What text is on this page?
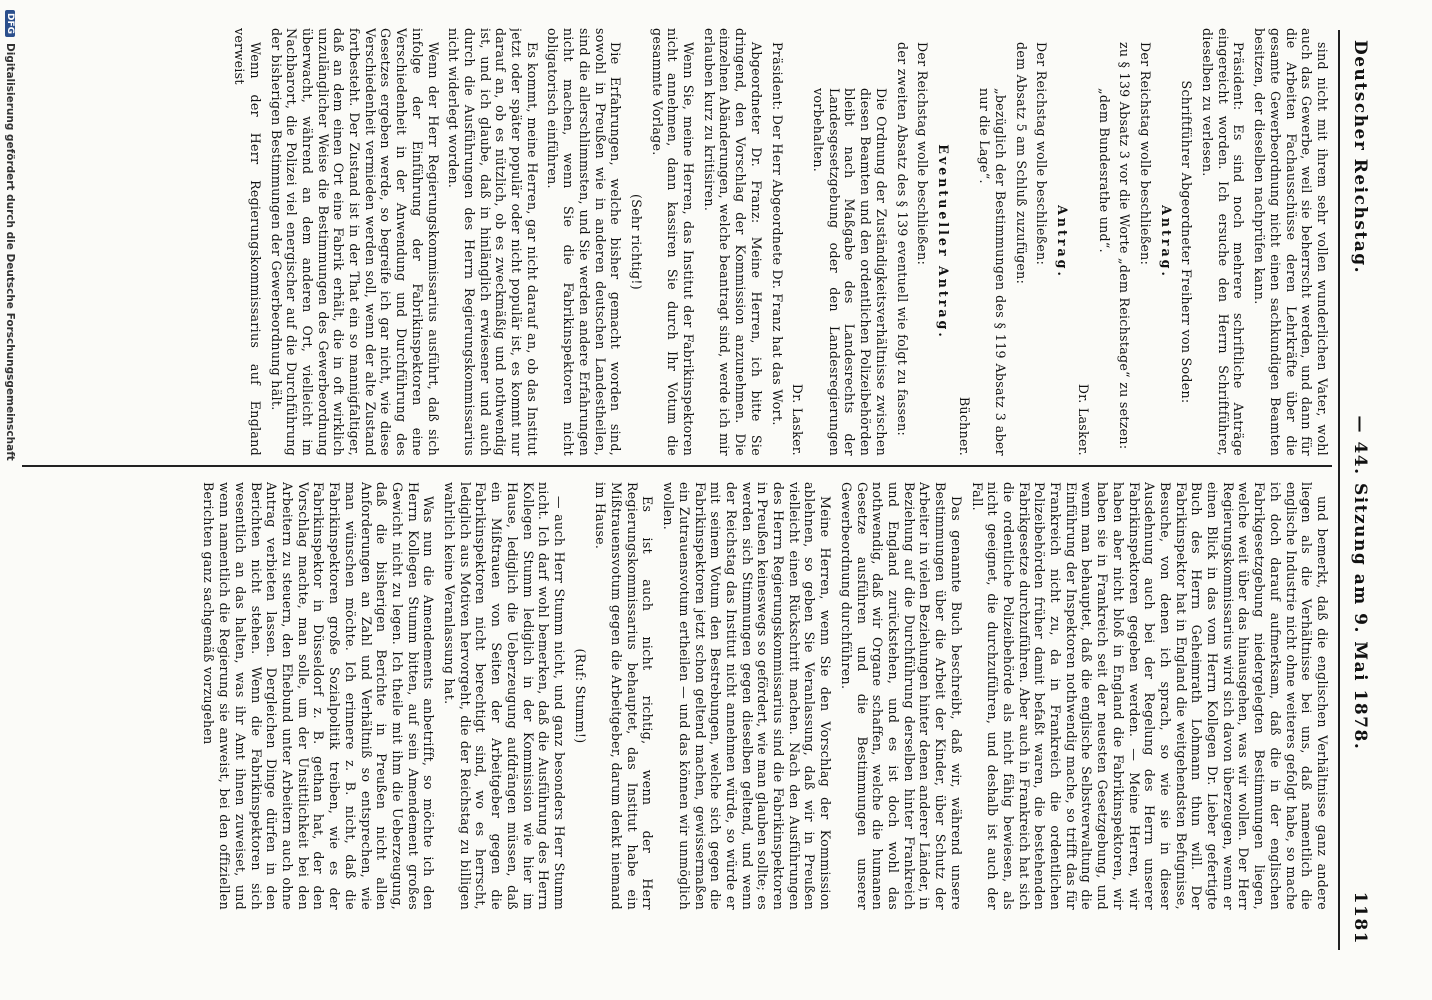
Deutscher Reichstag.
— 44. Sitzung am 9. Mai 1878.
1181

sind nicht mit ihrem sehr vollen wunderlichen Vater, wohl auch das Gewerbe, weil sie beherrscht werden, und dann für die Arbeiten Fachausschüsse deren Lehrkräfte über die gesamte Gewerbeordnung nicht einen sachkundigen Beamten besitzen, der dieselben nachprüfen kann.

Präsident: Es sind noch mehrere schriftliche Anträge eingereicht worden. Ich ersuche den Herrn Schriftführer, dieselben zu verlesen.

Schriftführer Abgeordneter Freiherr von Soden:

Antrag.

Der Reichstag wolle beschließen:

zu § 139 Absatz 3 vor die Worte „dem Reichstage“ zu setzen:

„dem Bundesrathe und“.

Dr. Lasker.

Antrag.

Der Reichstag wolle beschließen:

dem Absatz 5 am Schluß zuzufügen:

„bezüglich der Bestimmungen des § 119 Absatz 3 aber nur die Lage“.

Büchner.

Eventueller Antrag.

Der Reichstag wolle beschließen:

der zweiten Absatz des § 139 eventuell wie folgt zu fassen:

Die Ordnung der Zuständigkeitsverhältnisse zwischen diesen Beamten und den ordentlichen Polizeibehörden bleibt nach Maßgabe des Landesrechts der Landesgesetzgebung oder den Landesregierungen vorbehalten.

Dr. Lasker.

Präsident: Der Herr Abgeordnete Dr. Franz hat das Wort.

Abgeordneter Dr. Franz: Meine Herren, ich bitte Sie dringend, den Vorschlag der Kommission anzunehmen. Die einzelnen Abänderungen, welche beantragt sind, werde ich mir erlauben kurz zu kritisiren.

Wenn Sie, meine Herren, das Institut der Fabrikinspektoren nicht annehmen, dann kassiren Sie durch Ihr Votum die gesammte Vorlage.

(Sehr richtig!)

Die Erfahrungen, welche bisher gemacht worden sind, sowohl in Preußen wie in anderen deutschen Landestheilen, sind die allerschlimmsten, und Sie werden andere Erfahrungen nicht machen, wenn Sie die Fabrikinspektoren nicht obligatorisch einführen.

Es kommt, meine Herren, gar nicht darauf an, ob das Institut jetzt oder später populär oder nicht populär ist, es kommt nur darauf an, ob es nützlich, ob es zweckmäßig und nothwendig ist, und ich glaube, daß in hinlänglich erwiesener und auch durch die Ausführungen des Herrn Regierungskommissarius nicht widerlegt worden.

Wenn der Herr Regierungskommissarius ausführt, daß sich infolge der Einführung der Fabrikinspektoren eine Verschiedenheit in der Anwendung und Durchführung des Gesetzes ergeben werde, so begreife ich gar nicht, wie diese Verschiedenheit vermieden werden soll, wenn der alte Zustand fortbesteht. Der Zustand ist in der That ein so mannigfaltiger, daß an dem einen Ort eine Fabrik erhält, die in oft wirklich unzulänglicher Weise die Bestimmungen des Gewerbeordnung überwacht, während an dem anderen Ort, vielleicht im Nachbarort, die Polizei viel energischer auf die Durchführung der bisherigen Bestimmungen der Gewerbeordnung hält.

Wenn der Herr Regierungskommissarius auf England verweist

und bemerkt, daß die englischen Verhältnisse ganz andere liegen als die Verhältnisse bei uns, daß namentlich die englische Industrie nicht ohne weiteres gefolgt habe, so mache ich doch darauf aufmerksam, daß die in der englischen Fabrikgesetzgebung niedergelegten Bestimmungen liegen, welche weit über das hinausgehen, was wir wollen. Der Herr Regierungskommissarius wird sich davon überzeugen, wenn er einen Blick in das vom Herrn Kollegen Dr. Lieber gefertigte Buch des Herrn Geheimrath Lohmann thun will. Der Fabrikinspektor hat in England die weitgehendsten Befugnisse, Besuche, von denen ich sprach, so wie sie in dieser Ausdehnung auch bei der Regelung des Herrn unserer Fabrikinspektoren gegeben werden. — Meine Herren, wir haben aber nicht bloß in England die Fabrikinspektoren, wir haben sie in Frankreich seit der neuesten Gesetzgebung, und wenn man behauptet, daß die englische Selbstverwaltung die Einführung der Inspektoren nothwendig mache, so trifft das für Frankreich nicht zu, da in Frankreich die ordentlichen Polizeibehörden früher damit befaßt waren, die bestehenden Fabrikgesetze durchzuführen. Aber auch in Frankreich hat sich die ordentliche Polizeibehörde als nicht fähig bewiesen, als nicht geeignet, die durchzuführen, und deshalb ist auch der Fall.

Das genannte Buch beschreibt, daß wir, während unsere Bestimmungen über die Arbeit der Kinder, über Schutz der Arbeiter in vielen Beziehungen hinter denen anderer Länder, in Beziehung auf die Durchführung derselben hinter Frankreich und England zurückstehen, und es ist doch wohl das nothwendig, daß wir Organe schaffen, welche die humanen Gesetze ausführen und die Bestimmungen unserer Gewerbeordnung durchführen.

Meine Herren, wenn Sie den Vorschlag der Kommission ablehnen, so geben Sie Veranlassung, daß wir in Preußen vielleicht einen Rückschritt machen. Nach den Ausführungen des Herrn Regierungskommissarius sind die Fabrikinspektoren in Preußen keineswegs so gefördert, wie man glauben sollte; es werden sich Stimmungen gegen dieselben geltend, und wenn der Reichstag das Institut nicht annehmen würde, so würde er mit seinem Votum den Bestrebungen, welche sich gegen die Fabrikinspektoren jetzt schon geltend machen, gewissermaßen ein Zutrauensvotum ertheilen — und das können wir unmöglich wollen.

Es ist auch nicht richtig, wenn der Herr Regierungskommissarius behauptet, das Institut habe ein Mißtrauensvotum gegen die Arbeitgeber, darum denkt niemand im Hause.

(Ruf: Stumm!)

— auch Herr Stumm nicht, und ganz besonders Herr Stumm nicht. Ich darf wohl bemerken, daß die Ausführung des Herrn Kollegen Stumm lediglich in der Kommission wie hier im Hause, lediglich die Ueberzeugung aufdrängen müssen, daß ein Mißtrauen von Seiten der Arbeitgeber gegen die Fabrikinspektoren nicht berechtigt sind, wo es herrscht, lediglich aus Motiven hervorgeht, die der Reichstag zu billigen wahrlich keine Veranlassung hat.

Was nun die Amendements anbetrifft, so möchte ich den Herrn Kollegen Stumm bitten, auf sein Amendement großes Gewicht nicht zu legen. Ich theile mit ihm die Ueberzeugung, daß die bisherigen Berichte in Preußen nicht allen Anforderungen an Zahl und Verhältniß so entsprechen, wie man wünschen möchte. Ich erinnere z. B. nicht, daß die Fabrikinspektoren große Sozialpolitik treiben, wie es der Fabrikinspektor in Düsseldorf z. B. gethan hat, der den Vorschlag machte, man solle, um der Unsittlichkeit bei den Arbeitern zu steuern, den Ehebund unter Arbeitern auch ohne Antrag verbieten lassen. Dergleichen Dinge dürfen in den Berichten nicht stehen. Wenn die Fabrikinspektoren sich wesentlich an das halten, was ihr Amt ihnen zuweiset, und wenn namentlich die Regierung sie anweist, bei den offiziellen Berichten ganz sachgemäß vorzugehen

DFG
Digitalisierung gefördert durch die Deutsche Forschungsgemeinschaft
